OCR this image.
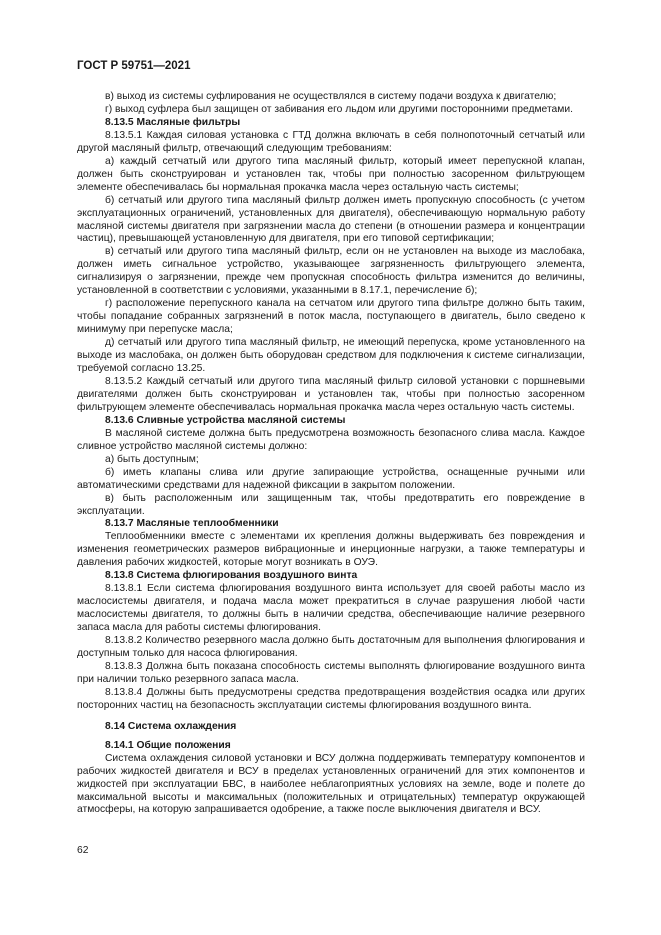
ГОСТ Р 59751—2021

в) выход из системы суфлирования не осуществлялся в систему подачи воздуха к двигателю;

г) выход суфлера был защищен от забивания его льдом или другими посторонними предметами.

8.13.5 Масляные фильтры

8.13.5.1 Каждая силовая установка с ГТД должна включать в себя полнопоточный сетчатый или другой масляный фильтр, отвечающий следующим требованиям:

а) каждый сетчатый или другого типа масляный фильтр, который имеет перепускной клапан, должен быть сконструирован и установлен так, чтобы при полностью засоренном фильтрующем элементе обеспечивалась бы нормальная прокачка масла через остальную часть системы;

б) сетчатый или другого типа масляный фильтр должен иметь пропускную способность (с учетом эксплуатационных ограничений, установленных для двигателя), обеспечивающую нормальную работу масляной системы двигателя при загрязнении масла до степени (в отношении размера и концентрации частиц), превышающей установленную для двигателя, при его типовой сертификации;

в) сетчатый или другого типа масляный фильтр, если он не установлен на выходе из маслобака, должен иметь сигнальное устройство, указывающее загрязненность фильтрующего элемента, сигнализируя о загрязнении, прежде чем пропускная способность фильтра изменится до величины, установленной в соответствии с условиями, указанными в 8.17.1, перечисление б);

г) расположение перепускного канала на сетчатом или другого типа фильтре должно быть таким, чтобы попадание собранных загрязнений в поток масла, поступающего в двигатель, было сведено к минимуму при перепуске масла;

д) сетчатый или другого типа масляный фильтр, не имеющий перепуска, кроме установленного на выходе из маслобака, он должен быть оборудован средством для подключения к системе сигнализации, требуемой согласно 13.25.

8.13.5.2 Каждый сетчатый или другого типа масляный фильтр силовой установки с поршневыми двигателями должен быть сконструирован и установлен так, чтобы при полностью засоренном фильтрующем элементе обеспечивалась нормальная прокачка масла через остальную часть системы.

8.13.6 Сливные устройства масляной системы

В масляной системе должна быть предусмотрена возможность безопасного слива масла. Каждое сливное устройство масляной системы должно:

а) быть доступным;

б) иметь клапаны слива или другие запирающие устройства, оснащенные ручными или автоматическими средствами для надежной фиксации в закрытом положении.

в) быть расположенным или защищенным так, чтобы предотвратить его повреждение в эксплуатации.

8.13.7 Масляные теплообменники

Теплообменники вместе с элементами их крепления должны выдерживать без повреждения и изменения геометрических размеров вибрационные и инерционные нагрузки, а также температуры и давления рабочих жидкостей, которые могут возникать в ОУЭ.

8.13.8 Система флюгирования воздушного винта

8.13.8.1 Если система флюгирования воздушного винта использует для своей работы масло из маслосистемы двигателя, и подача масла может прекратиться в случае разрушения любой части маслосистемы двигателя, то должны быть в наличии средства, обеспечивающие наличие резервного запаса масла для работы системы флюгирования.

8.13.8.2 Количество резервного масла должно быть достаточным для выполнения флюгирования и доступным только для насоса флюгирования.

8.13.8.3 Должна быть показана способность системы выполнять флюгирование воздушного винта при наличии только резервного запаса масла.

8.13.8.4 Должны быть предусмотрены средства предотвращения воздействия осадка или других посторонних частиц на безопасность эксплуатации системы флюгирования воздушного винта.

8.14 Система охлаждения

8.14.1 Общие положения

Система охлаждения силовой установки и ВСУ должна поддерживать температуру компонентов и рабочих жидкостей двигателя и ВСУ в пределах установленных ограничений для этих компонентов и жидкостей при эксплуатации БВС, в наиболее неблагоприятных условиях на земле, воде и полете до максимальной высоты и максимальных (положительных и отрицательных) температур окружающей атмосферы, на которую запрашивается одобрение, а также после выключения двигателя и ВСУ.

62
